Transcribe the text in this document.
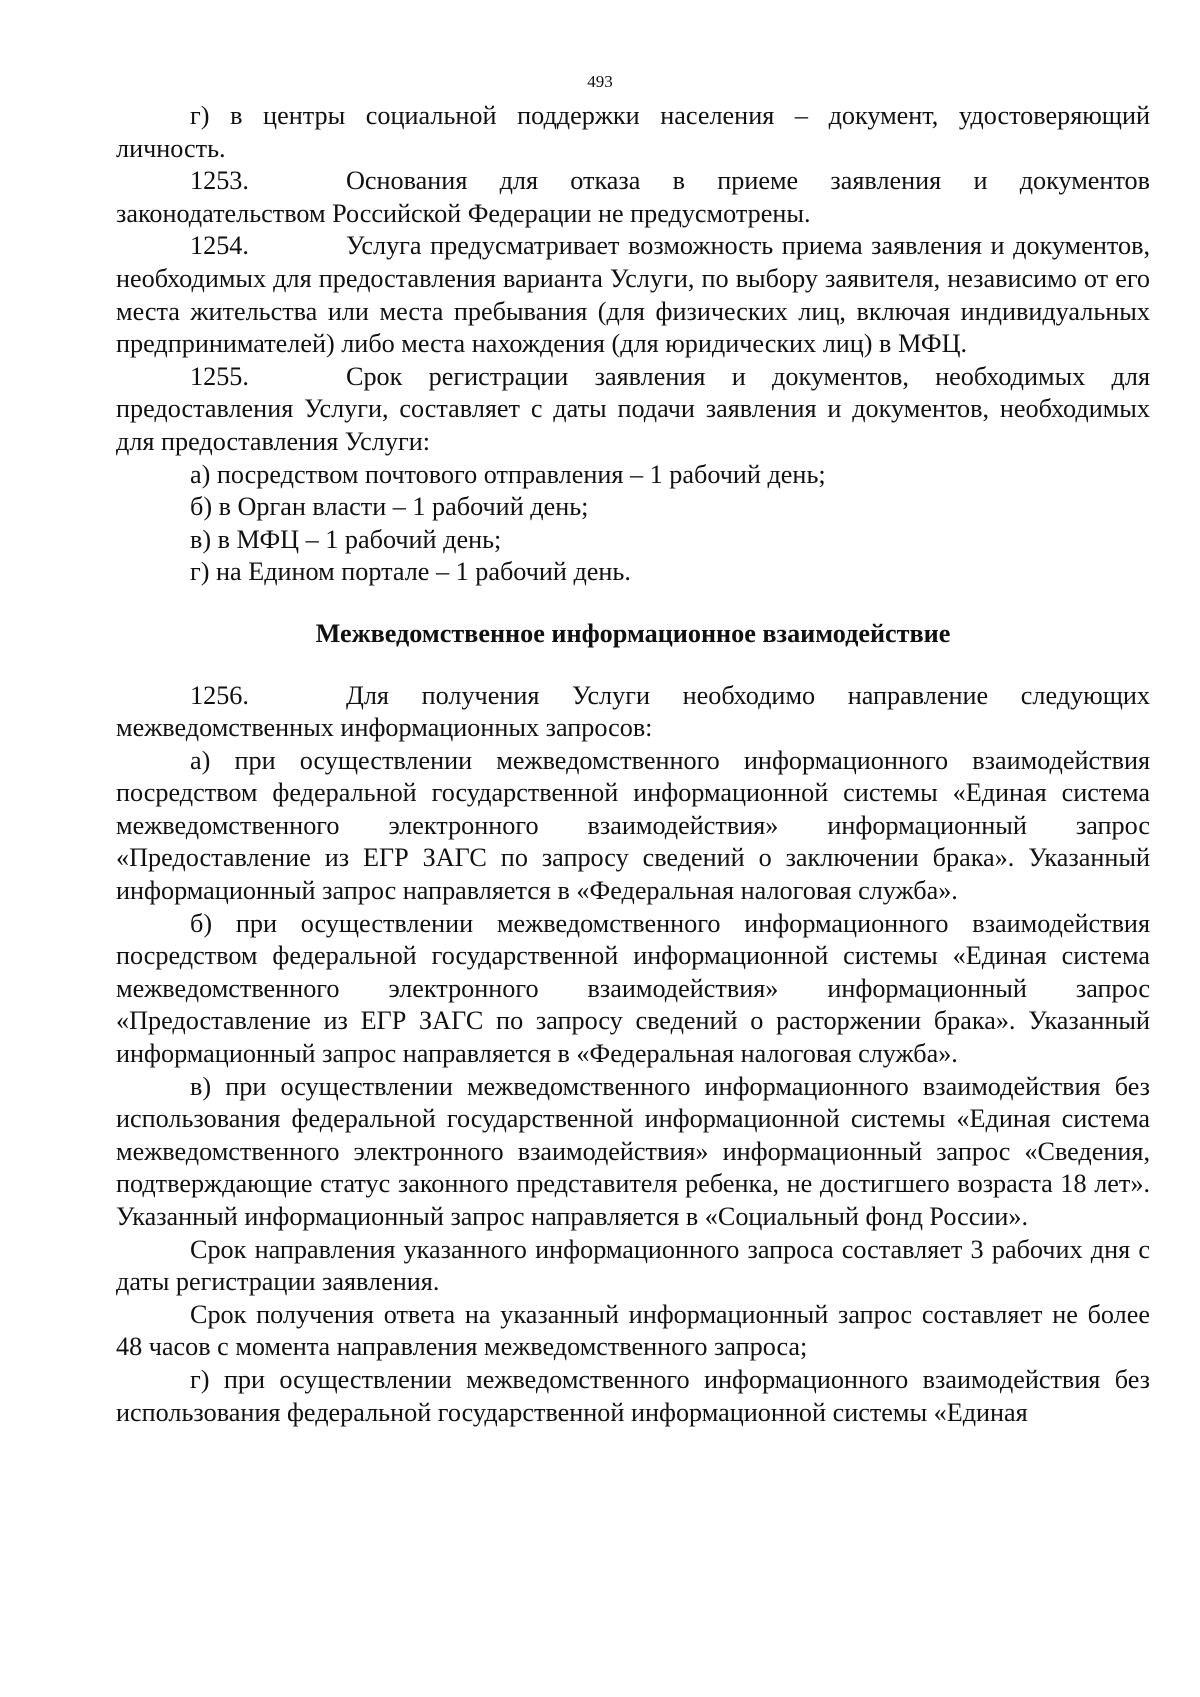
493

г) в центры социальной поддержки населения – документ, удостоверяющий личность.

1253.	Основания для отказа в приеме заявления и документов законодательством Российской Федерации не предусмотрены.

1254.	Услуга предусматривает возможность приема заявления и документов, необходимых для предоставления варианта Услуги, по выбору заявителя, независимо от его места жительства или места пребывания (для физических лиц, включая индивидуальных предпринимателей) либо места нахождения (для юридических лиц) в МФЦ.

1255.	Срок регистрации заявления и документов, необходимых для предоставления Услуги, составляет с даты подачи заявления и документов, необходимых для предоставления Услуги:

а) посредством почтового отправления – 1 рабочий день;

б) в Орган власти – 1 рабочий день;

в) в МФЦ – 1 рабочий день;

г) на Едином портале – 1 рабочий день.

Межведомственное информационное взаимодействие

1256.	Для получения Услуги необходимо направление следующих межведомственных информационных запросов:

а) при осуществлении межведомственного информационного взаимодействия посредством федеральной государственной информационной системы «Единая система межведомственного электронного взаимодействия» информационный запрос «Предоставление из ЕГР ЗАГС по запросу сведений о заключении брака». Указанный информационный запрос направляется в «Федеральная налоговая служба».

б) при осуществлении межведомственного информационного взаимодействия посредством федеральной государственной информационной системы «Единая система межведомственного электронного взаимодействия» информационный запрос «Предоставление из ЕГР ЗАГС по запросу сведений о расторжении брака». Указанный информационный запрос направляется в «Федеральная налоговая служба».

в) при осуществлении межведомственного информационного взаимодействия без использования федеральной государственной информационной системы «Единая система межведомственного электронного взаимодействия» информационный запрос «Сведения, подтверждающие статус законного представителя ребенка, не достигшего возраста 18 лет». Указанный информационный запрос направляется в «Социальный фонд России».

Срок направления указанного информационного запроса составляет 3 рабочих дня с даты регистрации заявления.

Срок получения ответа на указанный информационный запрос составляет не более 48 часов с момента направления межведомственного запроса;

г) при осуществлении межведомственного информационного взаимодействия без использования федеральной государственной информационной системы «Единая
